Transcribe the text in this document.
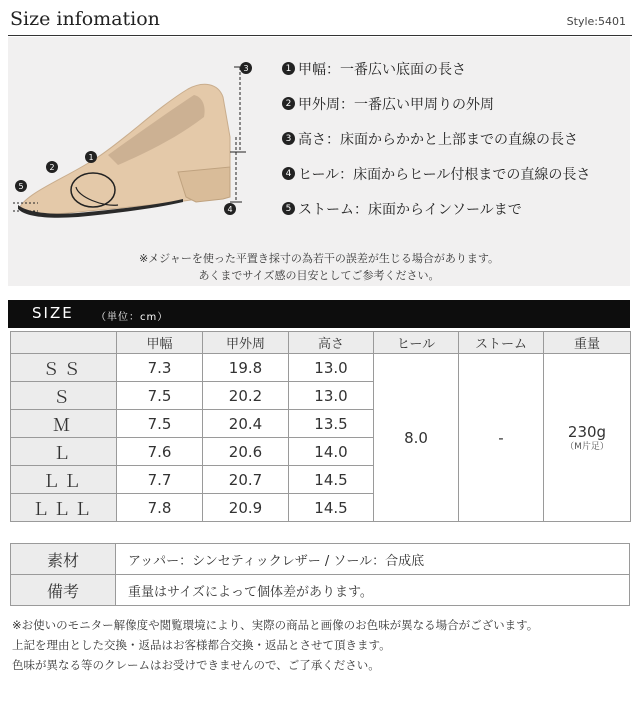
Size infomation	Style:5401
3
4
1
2
5
1 甲幅：一番広い底面の長さ
2 甲外周：一番広い甲周りの外周
3 高さ：床面からかかと上部までの直線の長さ
4 ヒール：床面からヒール付根までの直線の長さ
5 ストーム：床面からインソールまで
※メジャーを使った平置き採寸の為若干の誤差が生じる場合があります。
あくまでサイズ感の目安としてご参考ください。
SIZE （単位：cm）
	甲幅	甲外周	高さ	ヒール	ストーム	重量
ＳＳ	7.3	19.8	13.0	8.0	-	230g
（M片足）

Ｓ	7.5	20.2	13.0			
Ｍ	7.5	20.4	13.5			
Ｌ	7.6	20.6	14.0			
ＬＬ	7.7	20.7	14.5			
ＬＬＬ	7.8	20.9	14.5			
素材	アッパー：シンセティックレザー / ソール：合成底
備考	重量はサイズによって個体差があります。
※お使いのモニター解像度や閲覧環境により、実際の商品と画像のお色味が異なる場合がございます。
上記を理由とした交換・返品はお客様都合交換・返品とさせて頂きます。
色味が異なる等のクレームはお受けできませんので、ご了承ください。
